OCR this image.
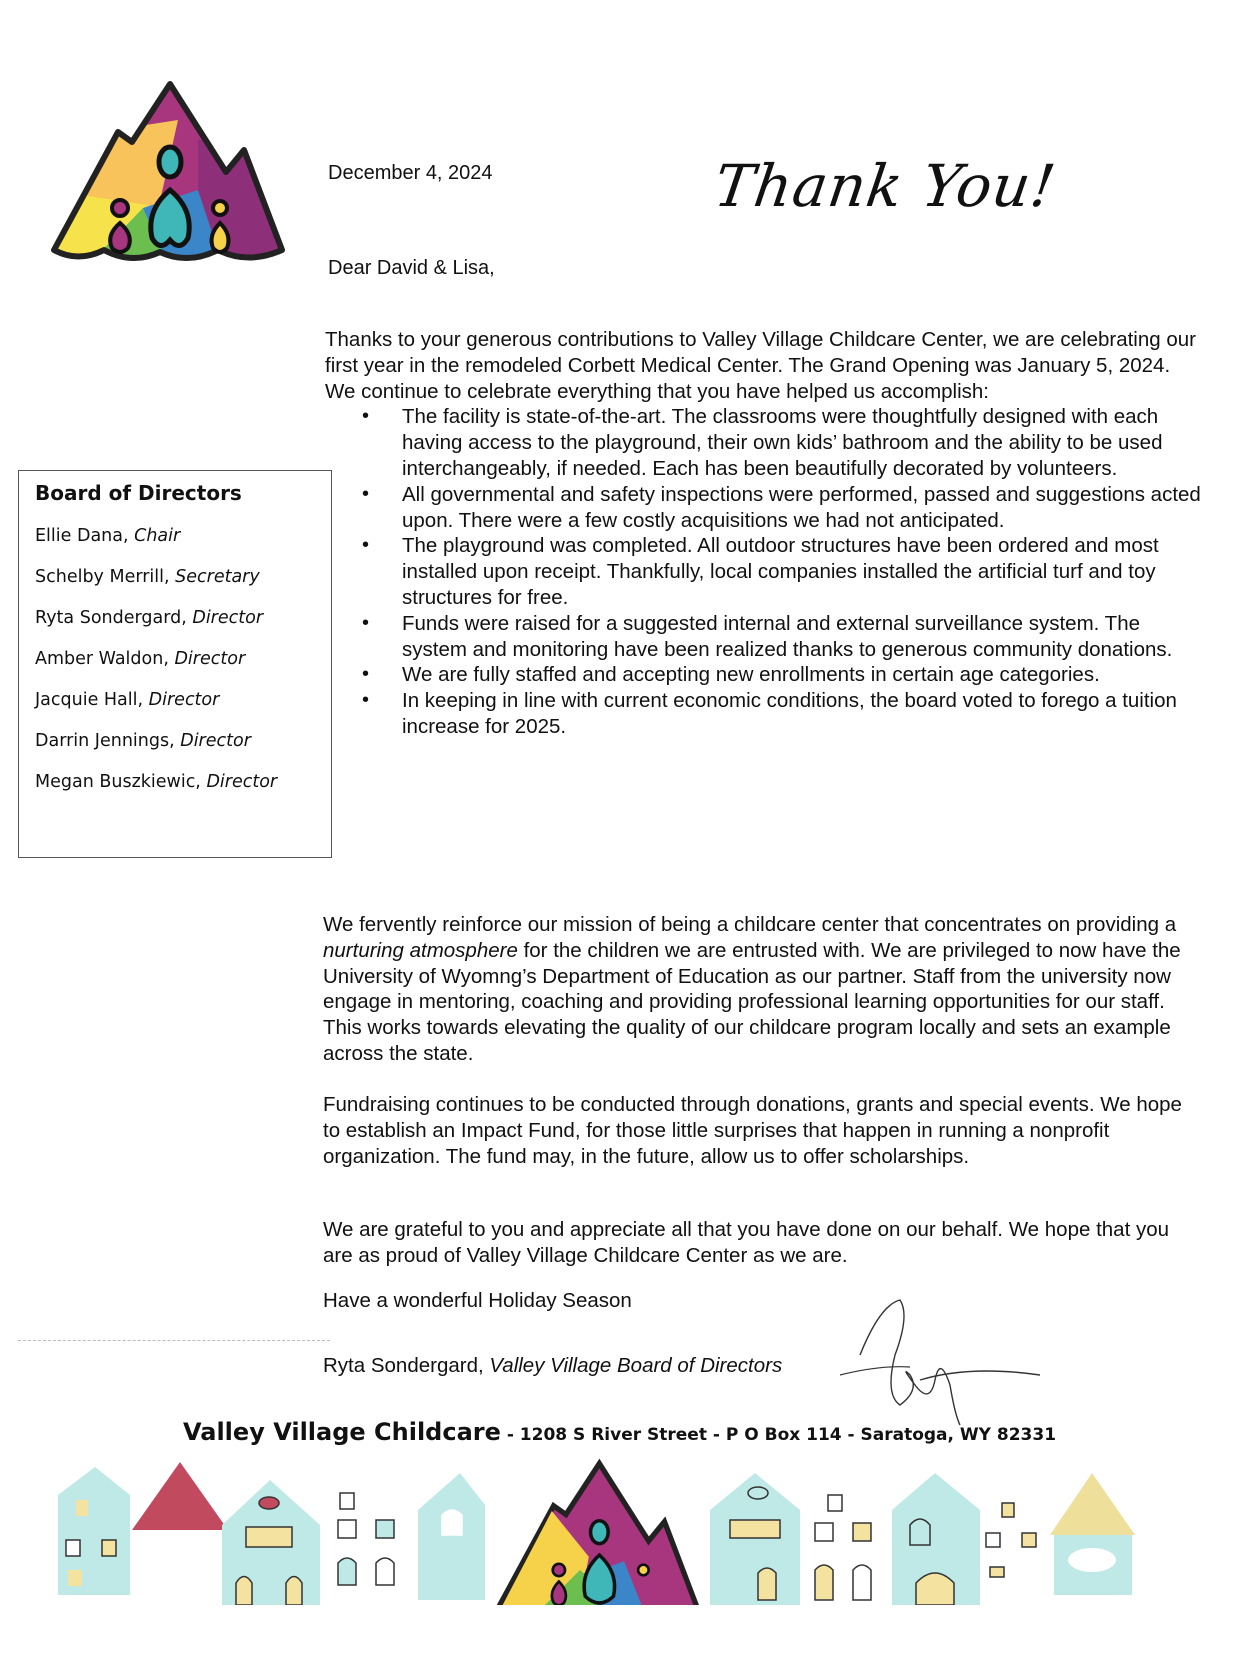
December 4, 2024	Thank You!
Dear David & Lisa,

Thanks to your generous contributions to Valley Village Childcare Center, we are celebrating our first year in the remodeled Corbett Medical Center. The Grand Opening was January 5, 2024. We continue to celebrate everything that you have helped us accomplish:

• The facility is state-of-the-art. The classrooms were thoughtfully designed with each having access to the playground, their own kids’ bathroom and the ability to be used interchangeably, if needed. Each has been beautifully decorated by volunteers.
• All governmental and safety inspections were performed, passed and suggestions acted upon. There were a few costly acquisitions we had not anticipated.
• The playground was completed. All outdoor structures have been ordered and most installed upon receipt. Thankfully, local companies installed the artificial turf and toy structures for free.
• Funds were raised for a suggested internal and external surveillance system. The system and monitoring have been realized thanks to generous community donations.
• We are fully staffed and accepting new enrollments in certain age categories.
• In keeping in line with current economic conditions, the board voted to forego a tuition increase for 2025.

We fervently reinforce our mission of being a childcare center that concentrates on providing a nurturing atmosphere for the children we are entrusted with. We are privileged to now have the University of Wyomng’s Department of Education as our partner. Staff from the university now engage in mentoring, coaching and providing professional learning opportunities for our staff. This works towards elevating the quality of our childcare program locally and sets an example across the state.

Fundraising continues to be conducted through donations, grants and special events. We hope to establish an Impact Fund, for those little surprises that happen in running a nonprofit organization. The fund may, in the future, allow us to offer scholarships.

We are grateful to you and appreciate all that you have done on our behalf. We hope that you are as proud of Valley Village Childcare Center as we are.

Have a wonderful Holiday Season
Ryta Sondergard, Valley Village Board of Directors
Board of Directors
Ellie Dana, Chair
Schelby Merrill, Secretary
Ryta Sondergard, Director
Amber Waldon, Director
Jacquie Hall, Director
Darrin Jennings, Director
Megan Buszkiewic, Director
Valley Village Childcare - 1208 S River Street - P O Box 114 - Saratoga, WY 82331
